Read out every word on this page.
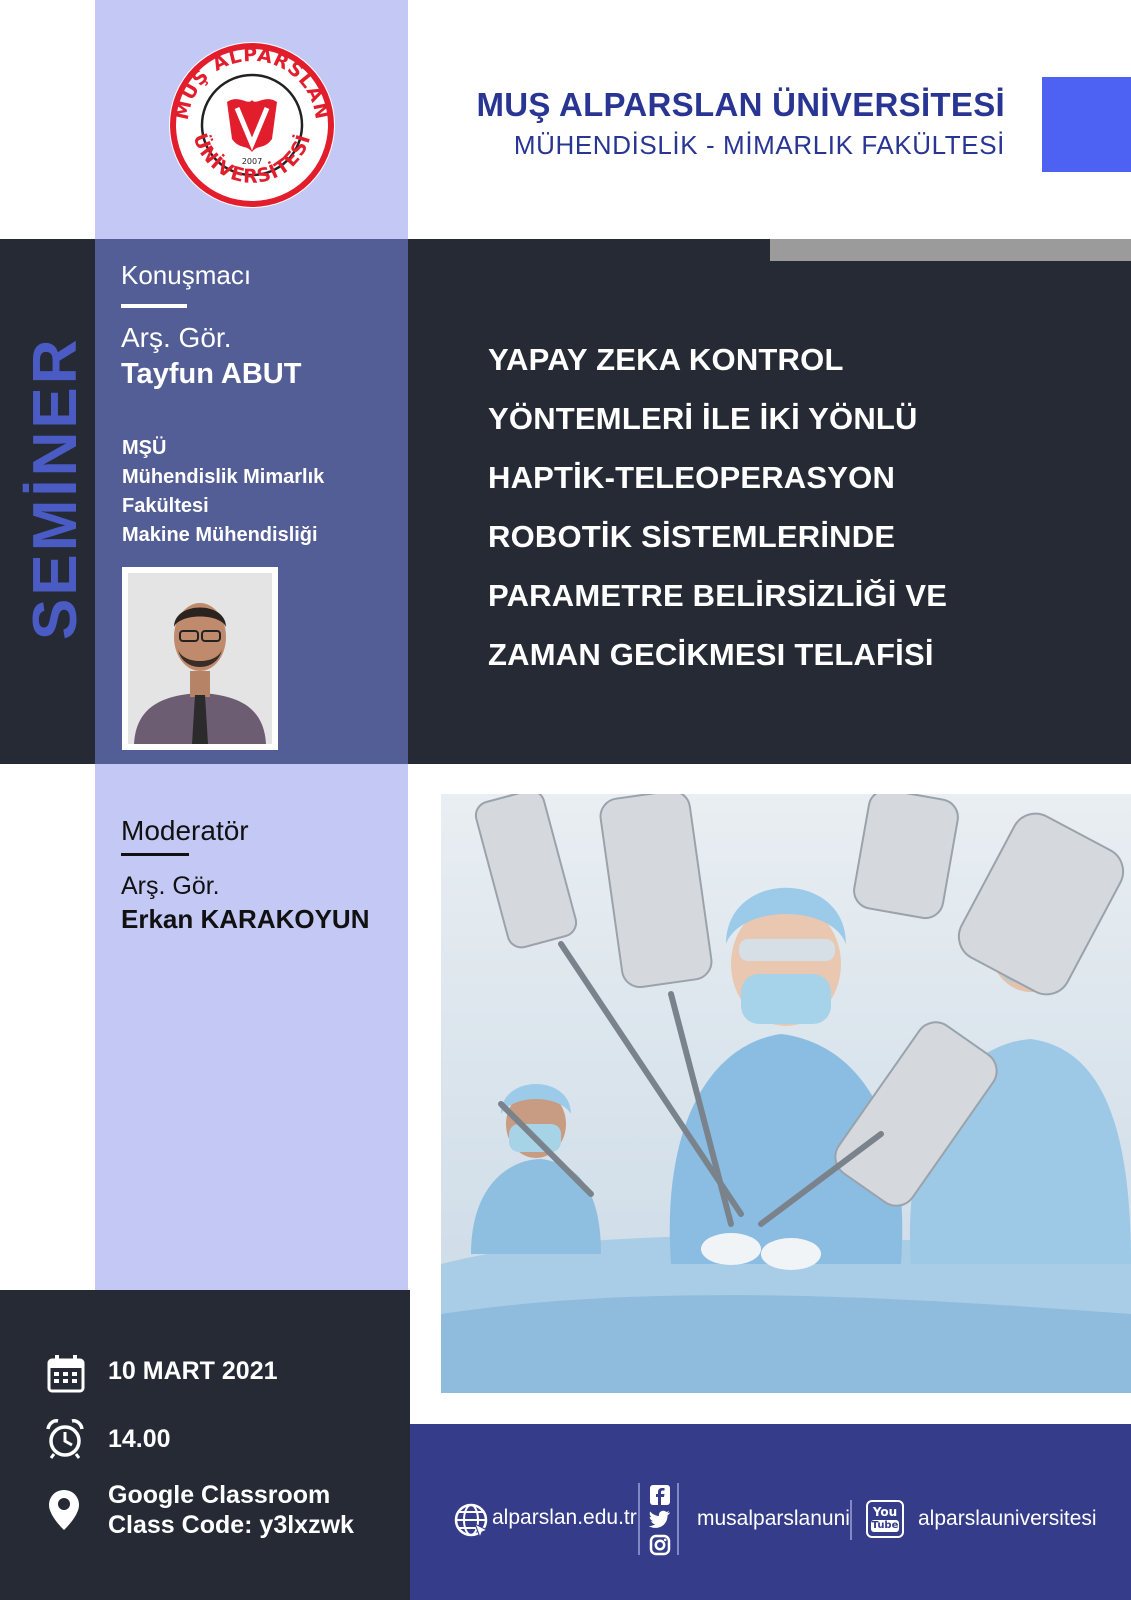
MUŞ ALPARSLAN
ÜNİVERSİTESİ
2007
MUŞ ALPARSLAN ÜNİVERSİTESİ
MÜHENDİSLİK - MİMARLIK FAKÜLTESİ
SEMİNER
Konuşmacı
Arş. Gör.
Tayfun ABUT
MŞÜ
Mühendislik Mimarlık
Fakültesi
Makine Mühendisliği
YAPAY ZEKA KONTROL
YÖNTEMLERİ İLE İKİ YÖNLÜ
HAPTİK-TELEOPERASYON
ROBOTİK SİSTEMLERİNDE
PARAMETRE BELİRSİZLİĞİ VE
ZAMAN GECİKMESI TELAFİSİ
Moderatör
Arş. Gör.
Erkan KARAKOYUN
10 MART 2021
14.00
Google Classroom
Class Code: y3lxzwk	alparslan.edu.tr	musalparslanuni	You
Tube alparslauniversitesi
